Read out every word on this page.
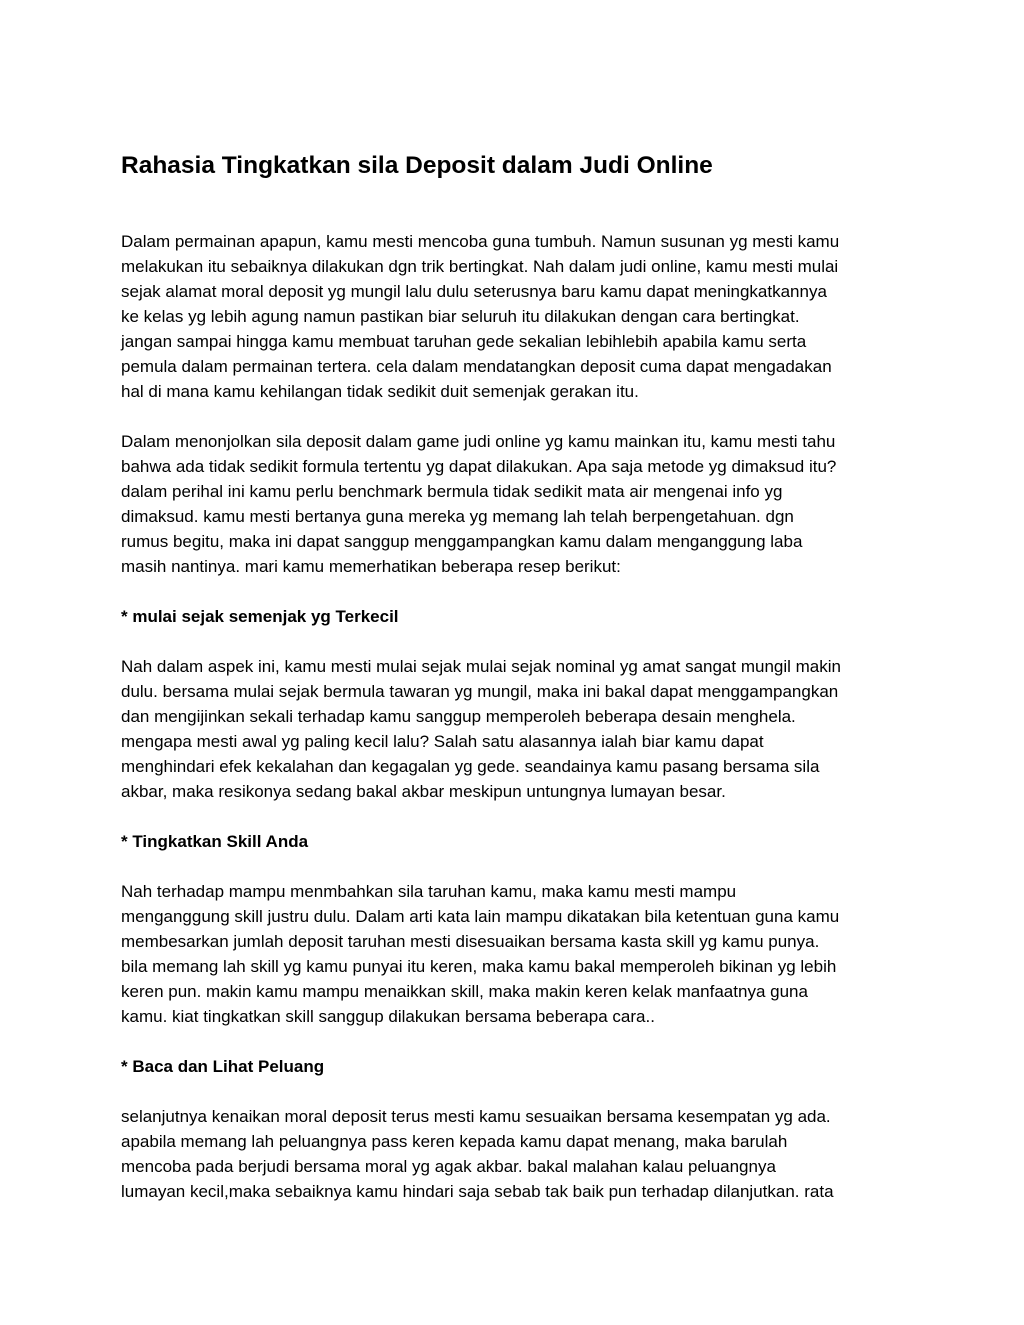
Rahasia Tingkatkan sila Deposit dalam Judi Online

Dalam permainan apapun, kamu mesti mencoba guna tumbuh. Namun susunan yg mesti kamu
melakukan itu sebaiknya dilakukan dgn trik bertingkat. Nah dalam judi online, kamu mesti mulai
sejak alamat moral deposit yg mungil lalu dulu seterusnya baru kamu dapat meningkatkannya
ke kelas yg lebih agung namun pastikan biar seluruh itu dilakukan dengan cara bertingkat.
jangan sampai hingga kamu membuat taruhan gede sekalian lebihlebih apabila kamu serta
pemula dalam permainan tertera. cela dalam mendatangkan deposit cuma dapat mengadakan
hal di mana kamu kehilangan tidak sedikit duit semenjak gerakan itu.

Dalam menonjolkan sila deposit dalam game judi online yg kamu mainkan itu, kamu mesti tahu
bahwa ada tidak sedikit formula tertentu yg dapat dilakukan. Apa saja metode yg dimaksud itu?
dalam perihal ini kamu perlu benchmark bermula tidak sedikit mata air mengenai info yg
dimaksud. kamu mesti bertanya guna mereka yg memang lah telah berpengetahuan. dgn
rumus begitu, maka ini dapat sanggup menggampangkan kamu dalam menganggung laba
masih nantinya. mari kamu memerhatikan beberapa resep berikut:

* mulai sejak semenjak yg Terkecil

Nah dalam aspek ini, kamu mesti mulai sejak mulai sejak nominal yg amat sangat mungil makin
dulu. bersama mulai sejak bermula tawaran yg mungil, maka ini bakal dapat menggampangkan
dan mengijinkan sekali terhadap kamu sanggup memperoleh beberapa desain menghela.
mengapa mesti awal yg paling kecil lalu? Salah satu alasannya ialah biar kamu dapat
menghindari efek kekalahan dan kegagalan yg gede. seandainya kamu pasang bersama sila
akbar, maka resikonya sedang bakal akbar meskipun untungnya lumayan besar.

* Tingkatkan Skill Anda

Nah terhadap mampu menmbahkan sila taruhan kamu, maka kamu mesti mampu
menganggung skill justru dulu. Dalam arti kata lain mampu dikatakan bila ketentuan guna kamu
membesarkan jumlah deposit taruhan mesti disesuaikan bersama kasta skill yg kamu punya.
bila memang lah skill yg kamu punyai itu keren, maka kamu bakal memperoleh bikinan yg lebih
keren pun. makin kamu mampu menaikkan skill, maka makin keren kelak manfaatnya guna
kamu. kiat tingkatkan skill sanggup dilakukan bersama beberapa cara..

* Baca dan Lihat Peluang

selanjutnya kenaikan moral deposit terus mesti kamu sesuaikan bersama kesempatan yg ada.
apabila memang lah peluangnya pass keren kepada kamu dapat menang, maka barulah
mencoba pada berjudi bersama moral yg agak akbar. bakal malahan kalau peluangnya
lumayan kecil,maka sebaiknya kamu hindari saja sebab tak baik pun terhadap dilanjutkan. rata
